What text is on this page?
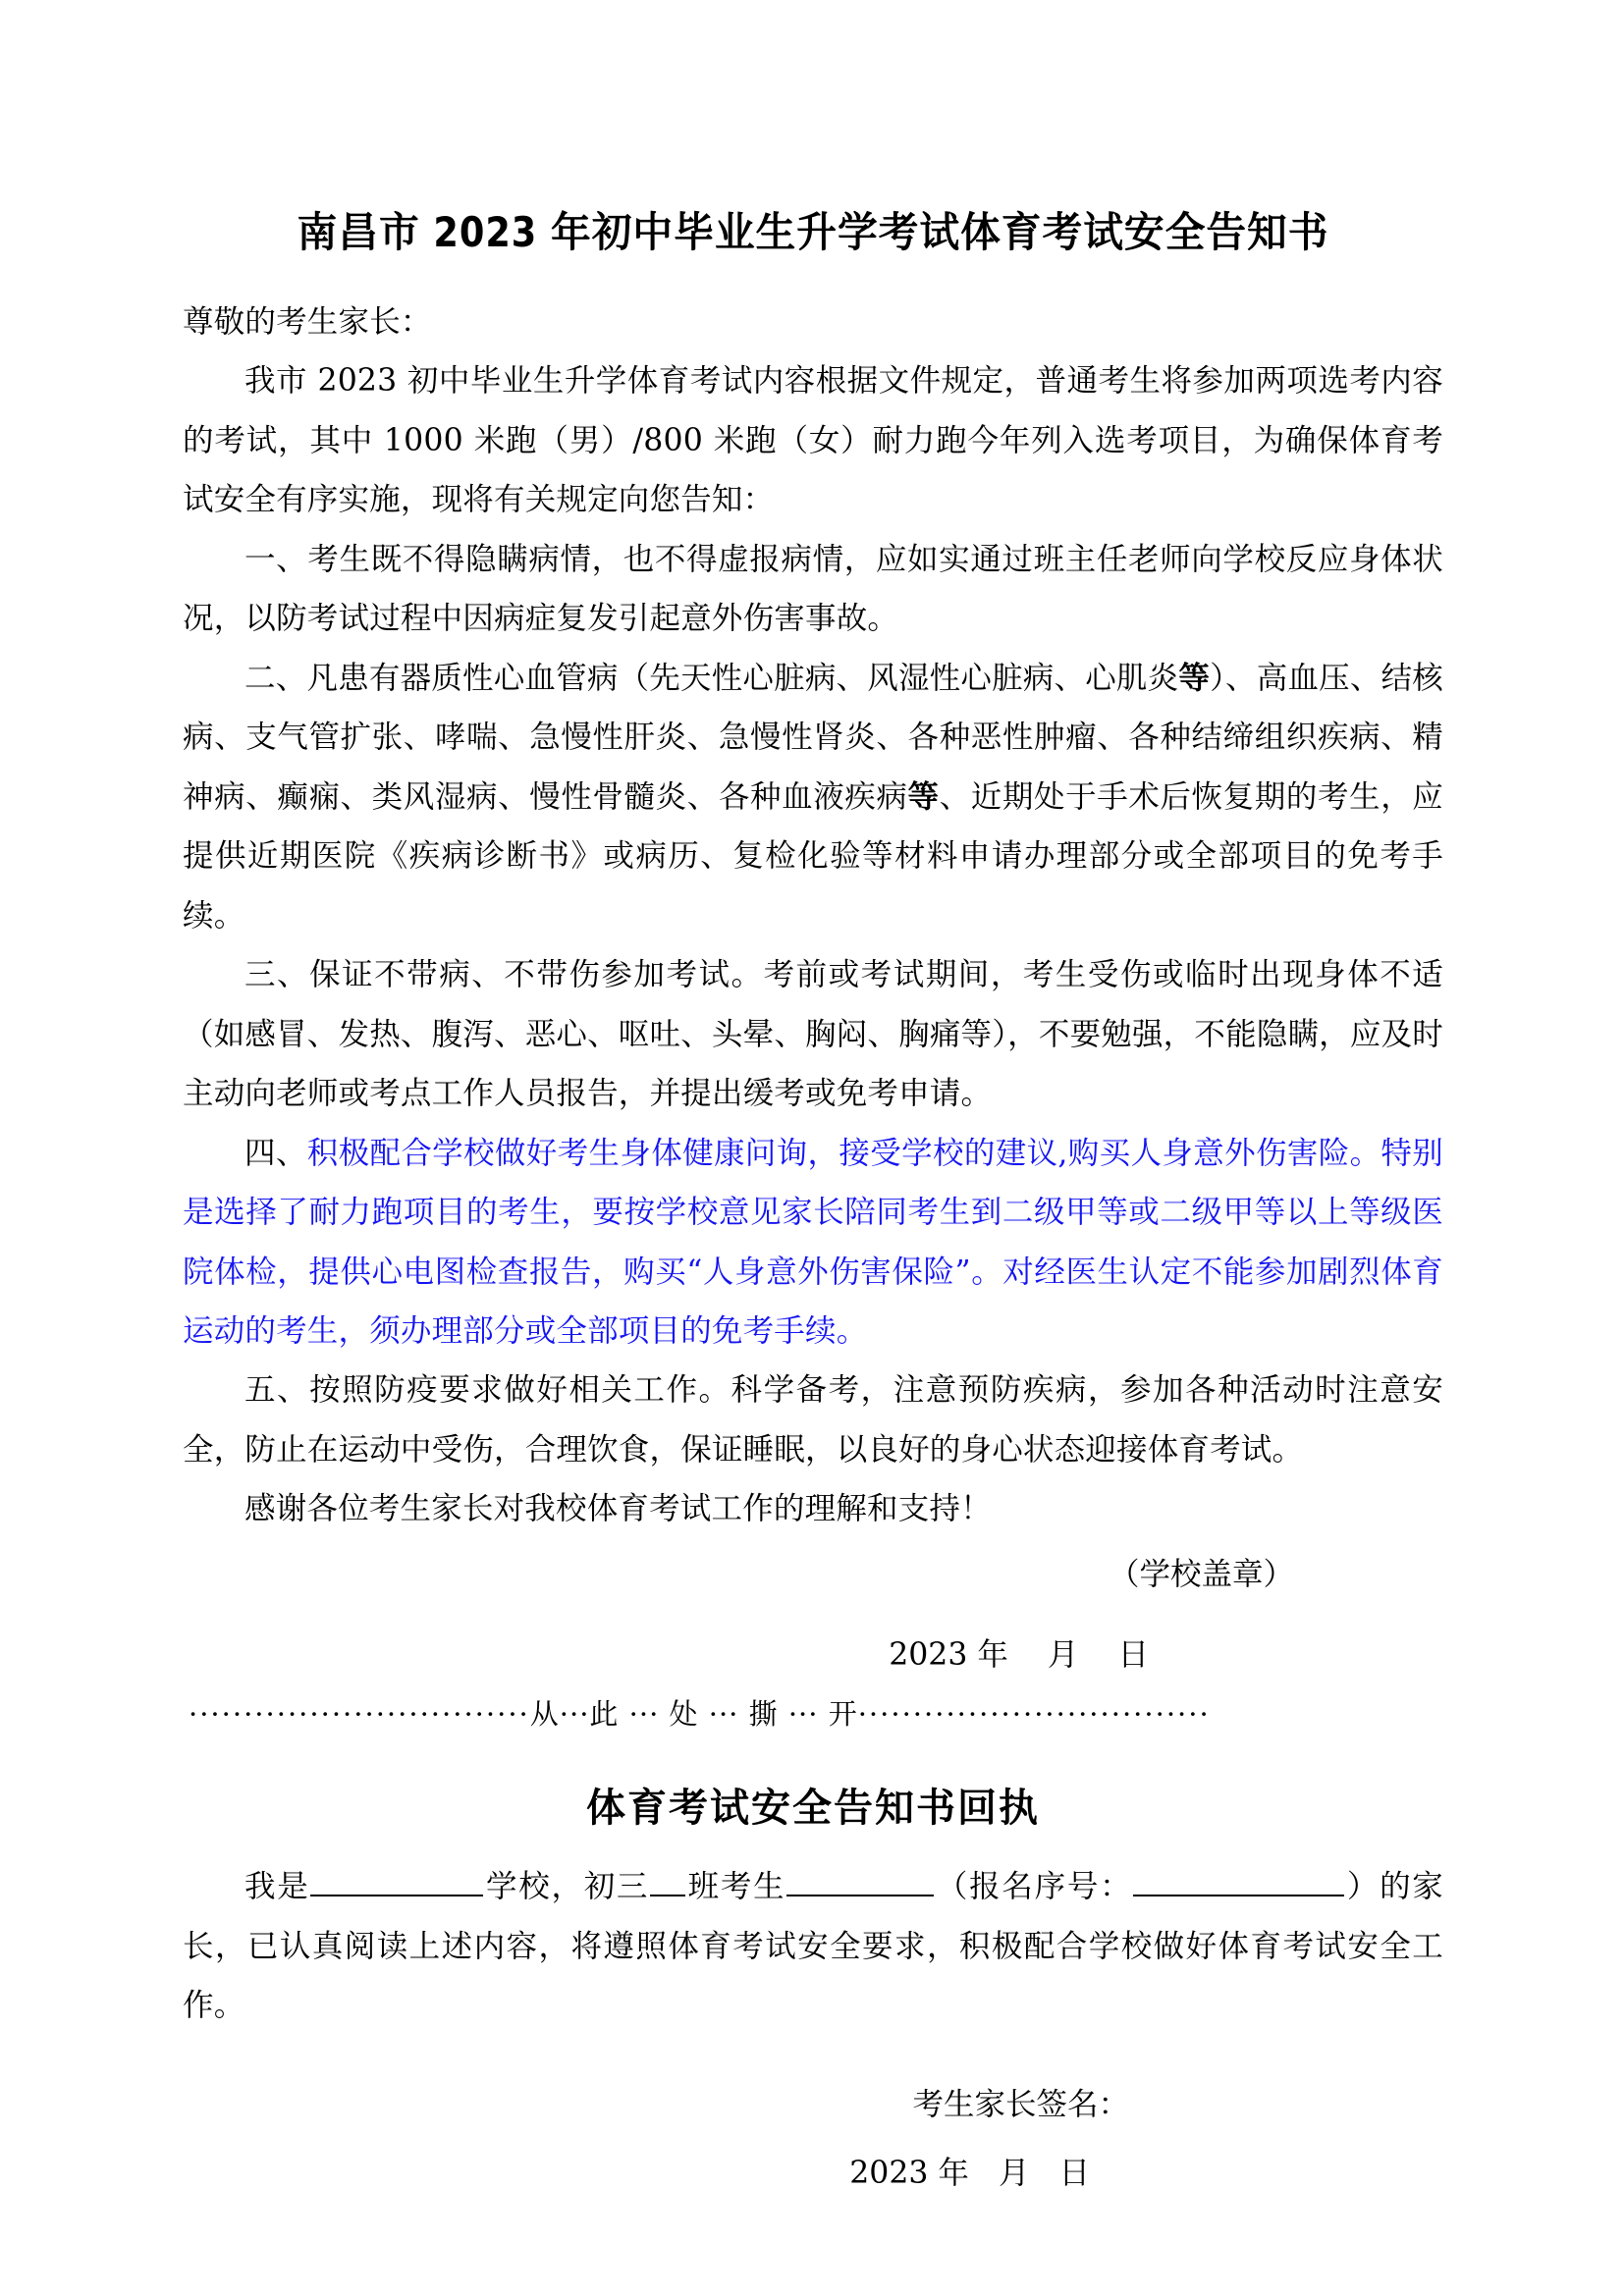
南昌市 2023 年初中毕业生升学考试体育考试安全告知书

尊敬的考生家长：

我市 2023 初中毕业生升学体育考试内容根据文件规定，普通考生将参加两项选考内容的考试，其中 1000 米跑（男）/800 米跑（女）耐力跑今年列入选考项目，为确保体育考试安全有序实施，现将有关规定向您告知：

一、考生既不得隐瞒病情，也不得虚报病情，应如实通过班主任老师向学校反应身体状况，以防考试过程中因病症复发引起意外伤害事故。

二、凡患有器质性心血管病（先天性心脏病、风湿性心脏病、心肌炎等）、高血压、结核病、支气管扩张、哮喘、急慢性肝炎、急慢性肾炎、各种恶性肿瘤、各种结缔组织疾病、精神病、癫痫、类风湿病、慢性骨髓炎、各种血液疾病等、近期处于手术后恢复期的考生，应提供近期医院《疾病诊断书》或病历、复检化验等材料申请办理部分或全部项目的免考手续。

三、保证不带病、不带伤参加考试。考前或考试期间，考生受伤或临时出现身体不适（如感冒、发热、腹泻、恶心、呕吐、头晕、胸闷、胸痛等），不要勉强，不能隐瞒，应及时主动向老师或考点工作人员报告，并提出缓考或免考申请。

四、积极配合学校做好考生身体健康问询，接受学校的建议,购买人身意外伤害险。特别是选择了耐力跑项目的考生，要按学校意见家长陪同考生到二级甲等或二级甲等以上等级医院体检，提供心电图检查报告，购买“人身意外伤害保险”。对经医生认定不能参加剧烈体育运动的考生，须办理部分或全部项目的免考手续。

五、按照防疫要求做好相关工作。科学备考，注意预防疾病，参加各种活动时注意安全，防止在运动中受伤，合理饮食，保证睡眠，以良好的身心状态迎接体育考试。

感谢各位考生家长对我校体育考试工作的理解和支持！

（学校盖章）

2023 年    月    日

·······························从···此 ··· 处 ··· 撕 ··· 开································
体育考试安全告知书回执

我是	学校，初三 班考生	（报名序号：	）的家长，已认真阅读上述内容，将遵照体育考试安全要求，积极配合学校做好体育考试安全工作。

考生家长签名：

2023 年   月   日
